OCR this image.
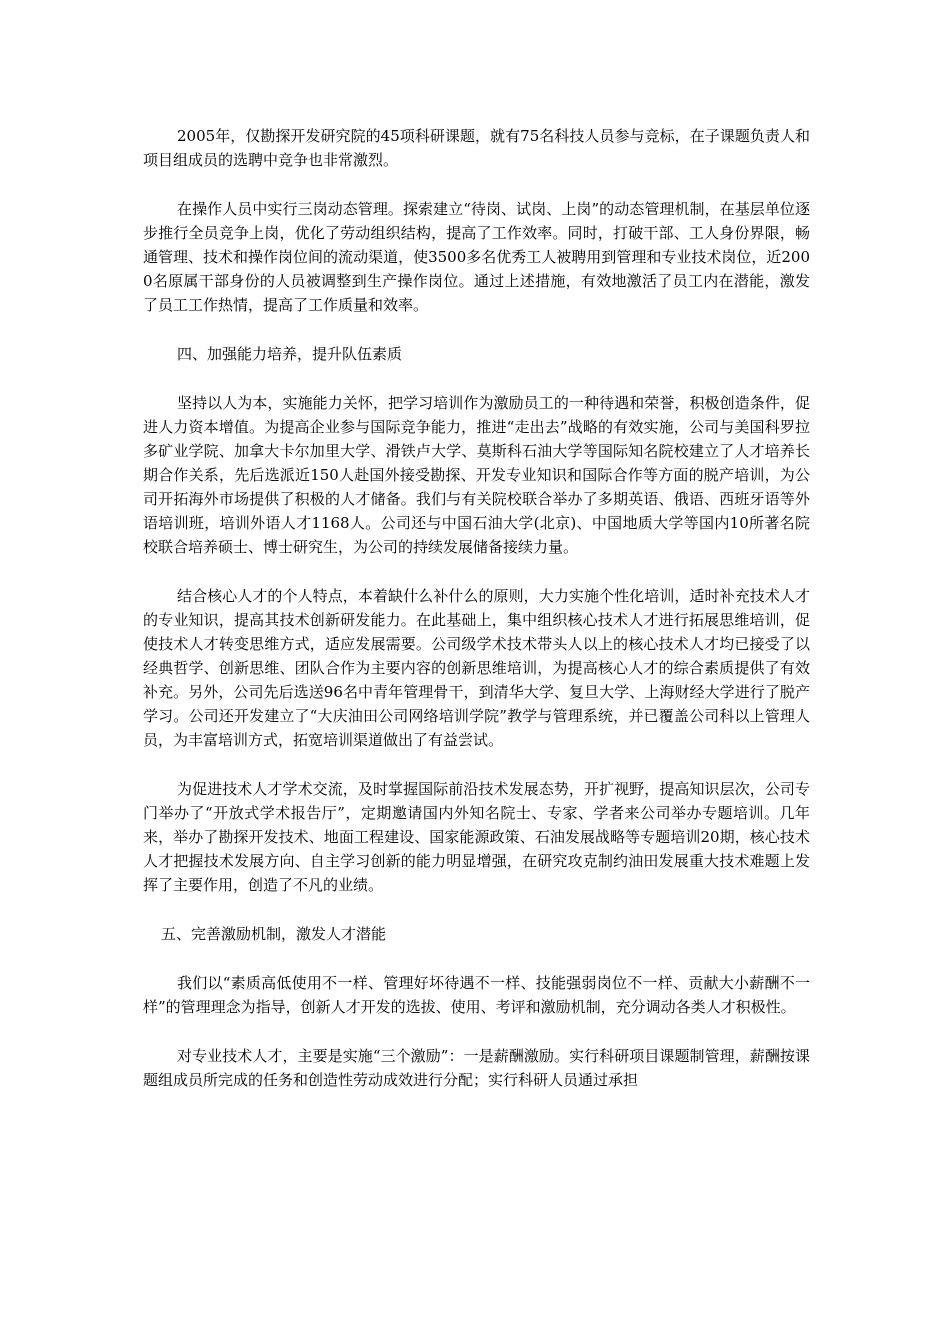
2005年，仅勘探开发研究院的45项科研课题，就有75名科技人员参与竞标，在子课题负责人和项目组成员的选聘中竞争也非常激烈。

在操作人员中实行三岗动态管理。探索建立“待岗、试岗、上岗”的动态管理机制，在基层单位逐步推行全员竞争上岗，优化了劳动组织结构，提高了工作效率。同时，打破干部、工人身份界限，畅通管理、技术和操作岗位间的流动渠道，使3500多名优秀工人被聘用到管理和专业技术岗位，近2000名原属干部身份的人员被调整到生产操作岗位。通过上述措施，有效地激活了员工内在潜能，激发了员工工作热情，提高了工作质量和效率。

四、加强能力培养，提升队伍素质

坚持以人为本，实施能力关怀，把学习培训作为激励员工的一种待遇和荣誉，积极创造条件，促进人力资本增值。为提高企业参与国际竞争能力，推进“走出去”战略的有效实施，公司与美国科罗拉多矿业学院、加拿大卡尔加里大学、滑铁卢大学、莫斯科石油大学等国际知名院校建立了人才培养长期合作关系，先后选派近150人赴国外接受勘探、开发专业知识和国际合作等方面的脱产培训，为公司开拓海外市场提供了积极的人才储备。我们与有关院校联合举办了多期英语、俄语、西班牙语等外语培训班，培训外语人才1168人。公司还与中国石油大学(北京)、中国地质大学等国内10所著名院校联合培养硕士、博士研究生，为公司的持续发展储备接续力量。

结合核心人才的个人特点，本着缺什么补什么的原则，大力实施个性化培训，适时补充技术人才的专业知识，提高其技术创新研发能力。在此基础上，集中组织核心技术人才进行拓展思维培训，促使技术人才转变思维方式，适应发展需要。公司级学术技术带头人以上的核心技术人才均已接受了以经典哲学、创新思维、团队合作为主要内容的创新思维培训，为提高核心人才的综合素质提供了有效补充。另外，公司先后选送96名中青年管理骨干，到清华大学、复旦大学、上海财经大学进行了脱产学习。公司还开发建立了“大庆油田公司网络培训学院”教学与管理系统，并已覆盖公司科以上管理人员，为丰富培训方式，拓宽培训渠道做出了有益尝试。

为促进技术人才学术交流，及时掌握国际前沿技术发展态势，开扩视野，提高知识层次，公司专门举办了“开放式学术报告厅”，定期邀请国内外知名院士、专家、学者来公司举办专题培训。几年来，举办了勘探开发技术、地面工程建设、国家能源政策、石油发展战略等专题培训20期，核心技术人才把握技术发展方向、自主学习创新的能力明显增强，在研究攻克制约油田发展重大技术难题上发挥了主要作用，创造了不凡的业绩。

五、完善激励机制，激发人才潜能

我们以“素质高低使用不一样、管理好坏待遇不一样、技能强弱岗位不一样、贡献大小薪酬不一样”的管理理念为指导，创新人才开发的选拔、使用、考评和激励机制，充分调动各类人才积极性。

对专业技术人才，主要是实施“三个激励”：一是薪酬激励。实行科研项目课题制管理，薪酬按课题组成员所完成的任务和创造性劳动成效进行分配；实行科研人员通过承担
